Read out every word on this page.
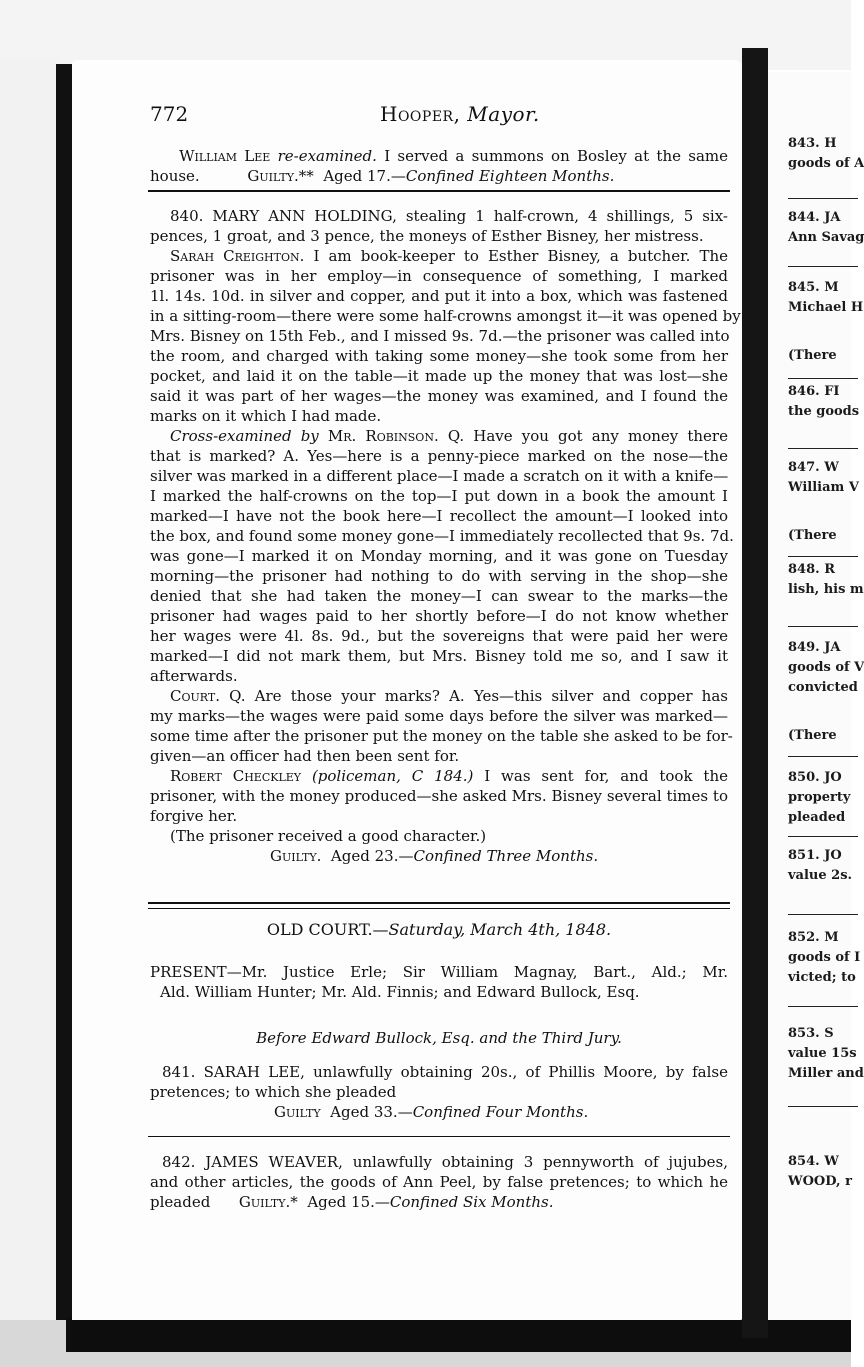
843. H
goods of A
844. JA
Ann Savag
845. M
Michael H
(There
846. FI
the goods
847. W
William V
(There
848. R
lish, his m
849. JA
goods of V
convicted
(There
850. JO
property
pleaded
851. JO
value 2s.
852. M
goods of I
victed; to
853. S
value 15s
Miller and
854. W
WOOD, r
772	Hooper, Mayor.
William Lee re-examined. I served a summons on Bosley at the same
house.	Guilty.** Aged 17.—Confined Eighteen Months.
840. MARY ANN HOLDING, stealing 1 half-crown, 4 shillings, 5 six-
pences, 1 groat, and 3 pence, the moneys of Esther Bisney, her mistress.
Sarah Creighton. I am book-keeper to Esther Bisney, a butcher. The
prisoner was in her employ—in consequence of something, I marked
1l. 14s. 10d. in silver and copper, and put it into a box, which was fastened
in a sitting-room—there were some half-crowns amongst it—it was opened by
Mrs. Bisney on 15th Feb., and I missed 9s. 7d.—the prisoner was called into
the room, and charged with taking some money—she took some from her
pocket, and laid it on the table—it made up the money that was lost—she
said it was part of her wages—the money was examined, and I found the
marks on it which I had made.
Cross-examined by Mr. Robinson. Q. Have you got any money there
that is marked? A. Yes—here is a penny-piece marked on the nose—the
silver was marked in a different place—I made a scratch on it with a knife—
I marked the half-crowns on the top—I put down in a book the amount I
marked—I have not the book here—I recollect the amount—I looked into
the box, and found some money gone—I immediately recollected that 9s. 7d.
was gone—I marked it on Monday morning, and it was gone on Tuesday
morning—the prisoner had nothing to do with serving in the shop—she
denied that she had taken the money—I can swear to the marks—the
prisoner had wages paid to her shortly before—I do not know whether
her wages were 4l. 8s. 9d., but the sovereigns that were paid her were
marked—I did not mark them, but Mrs. Bisney told me so, and I saw it
afterwards.
Court. Q. Are those your marks? A. Yes—this silver and copper has
my marks—the wages were paid some days before the silver was marked—
some time after the prisoner put the money on the table she asked to be for-
given—an officer had then been sent for.
Robert Checkley (policeman, C 184.) I was sent for, and took the
prisoner, with the money produced—she asked Mrs. Bisney several times to
forgive her.
(The prisoner received a good character.)
Guilty. Aged 23.—Confined Three Months.
OLD COURT.—Saturday, March 4th, 1848.
PRESENT—Mr. Justice Erle; Sir William Magnay, Bart., Ald.; Mr.
Ald. William Hunter; Mr. Ald. Finnis; and Edward Bullock, Esq.
Before Edward Bullock, Esq. and the Third Jury.
841. SARAH LEE, unlawfully obtaining 20s., of Phillis Moore, by false
pretences; to which she pleaded
Guilty Aged 33.—Confined Four Months.
842. JAMES WEAVER, unlawfully obtaining 3 pennyworth of jujubes,
and other articles, the goods of Ann Peel, by false pretences; to which he
pleaded Guilty.* Aged 15.—Confined Six Months.
